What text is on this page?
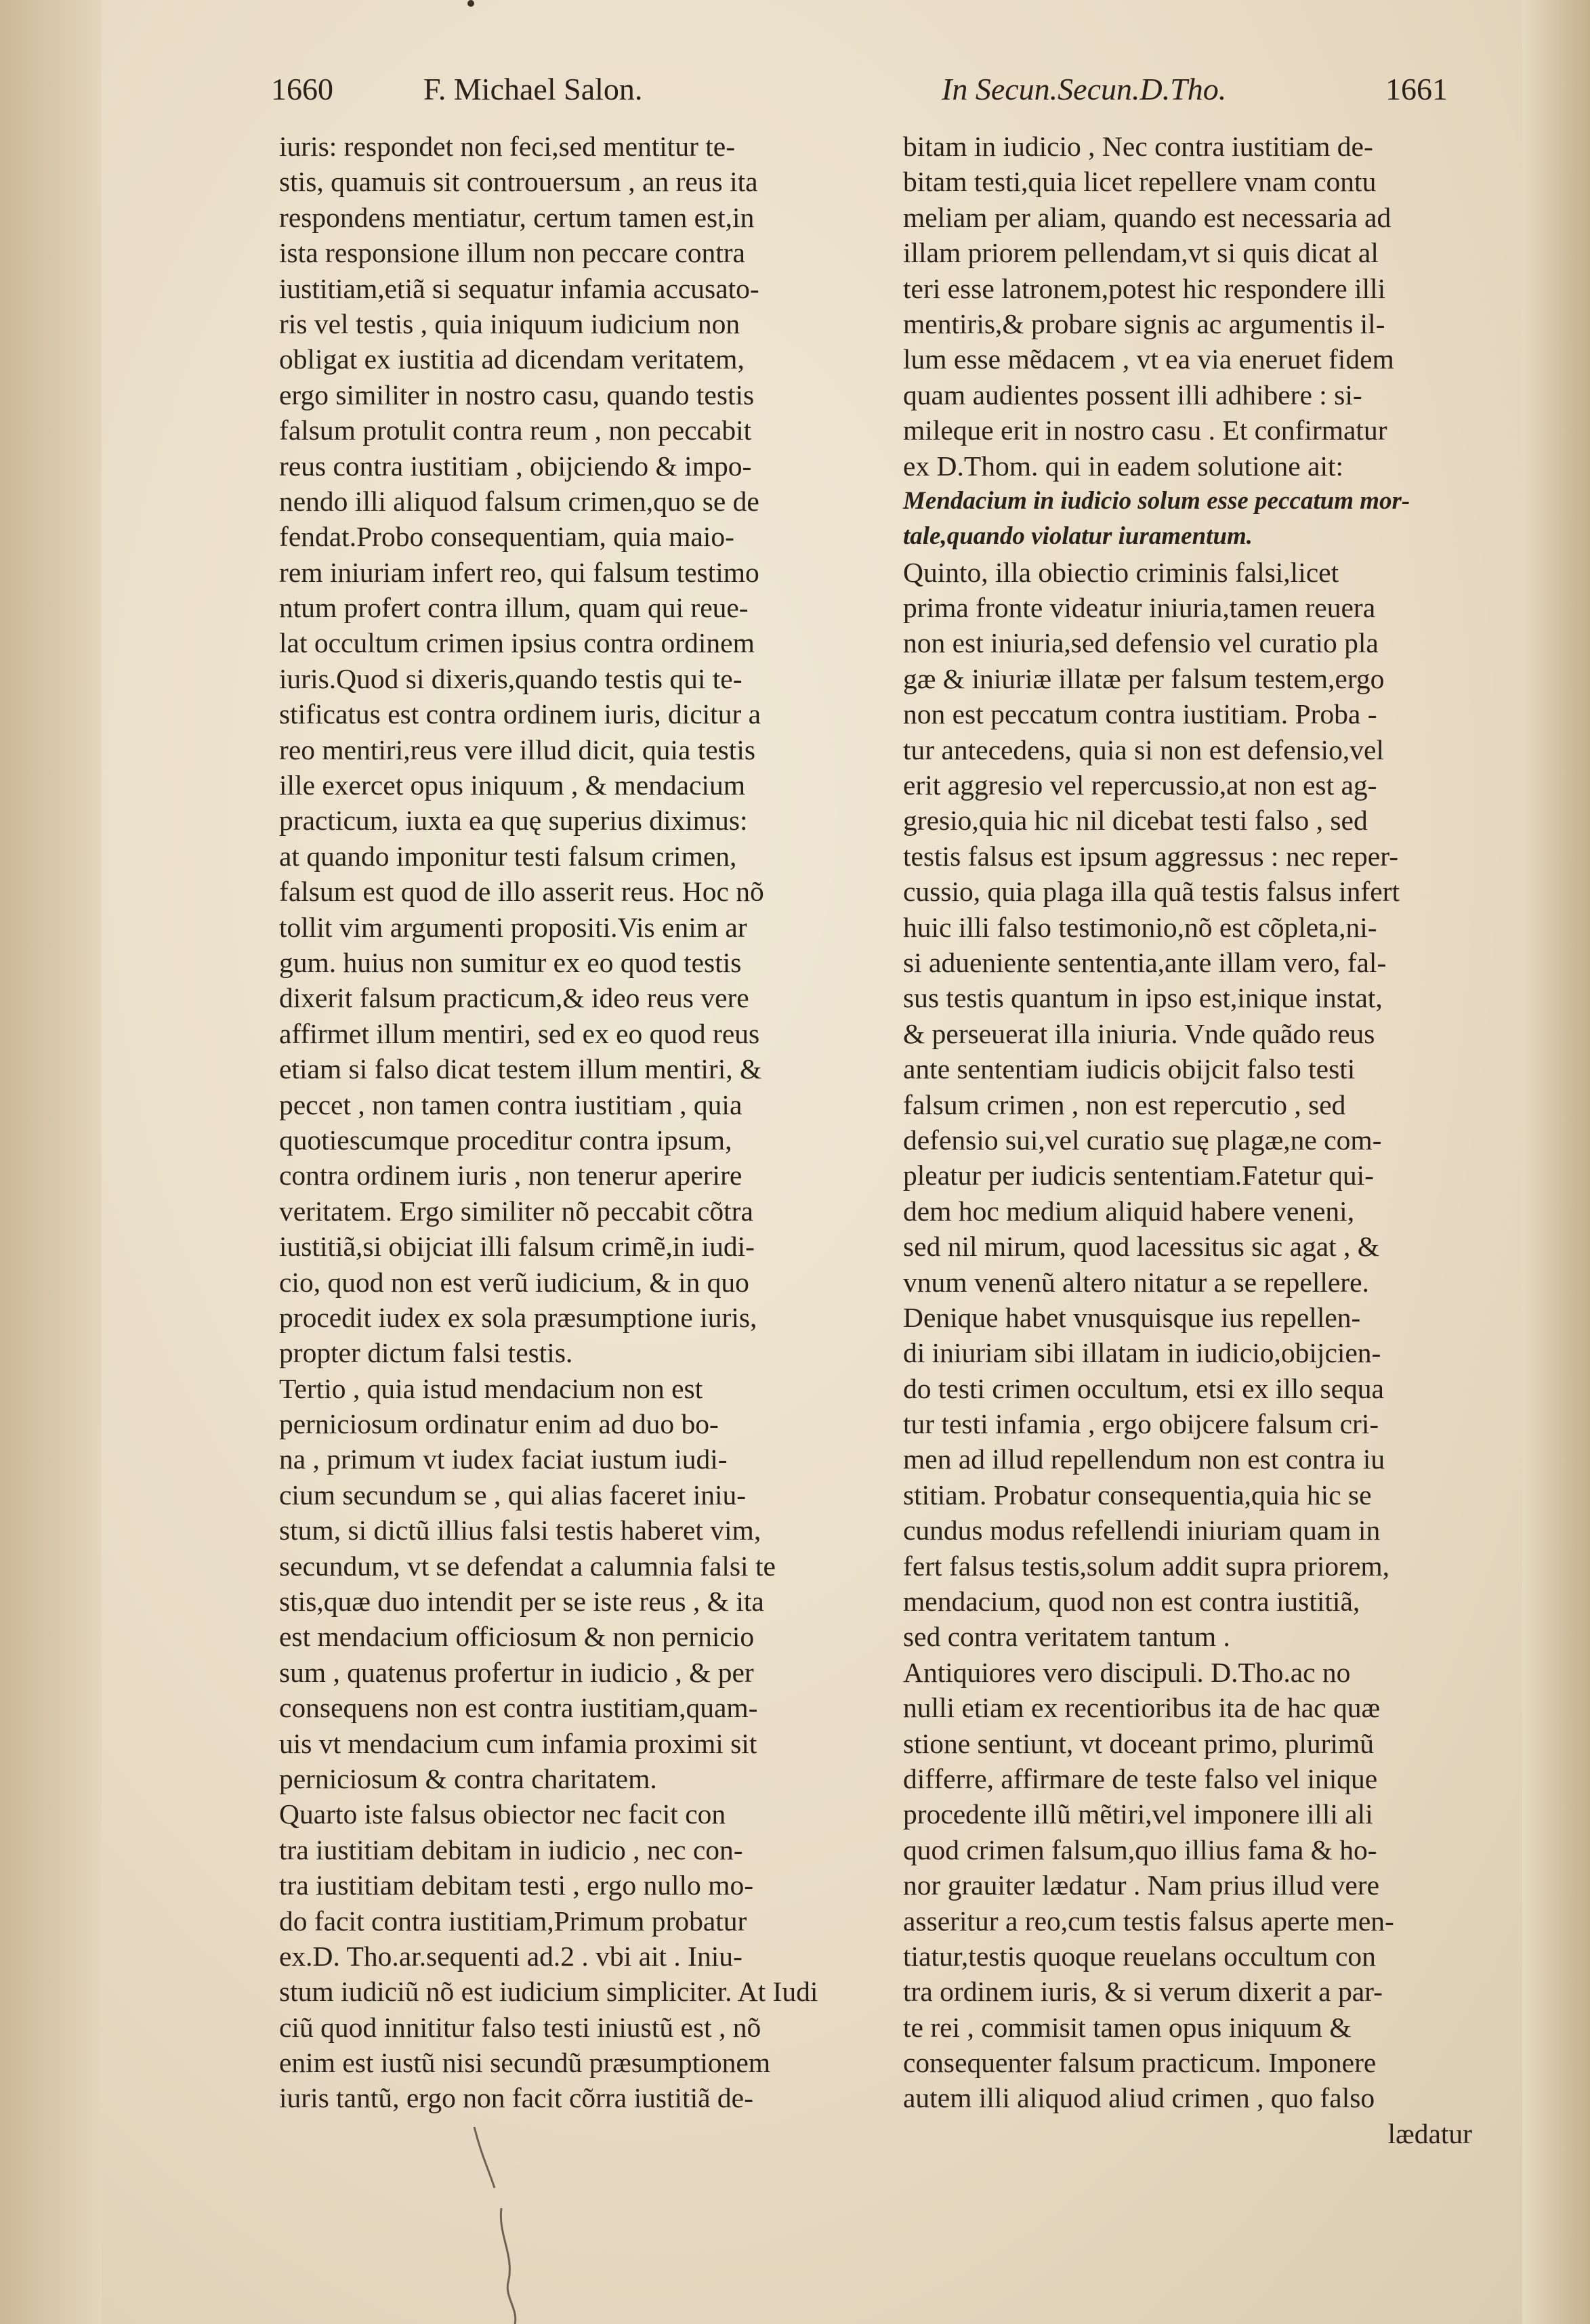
1660	F. Michael Salon.	In Secun.Secun.D.Tho.	1661
iuris: respondet non feci,sed mentitur te-
stis, quamuis sit controuersum , an reus ita
respondens mentiatur, certum tamen est,in
ista responsione illum non peccare contra
iustitiam,etiã si sequatur infamia accusato-
ris vel testis , quia iniquum iudicium non
obligat ex iustitia ad dicendam veritatem,
ergo similiter in nostro casu, quando testis
falsum protulit contra reum , non peccabit
reus contra iustitiam , obijciendo & impo-
nendo illi aliquod falsum crimen,quo se de
fendat.Probo consequentiam, quia maio-
rem iniuriam infert reo, qui falsum testimo
ntum profert contra illum, quam qui reue-
lat occultum crimen ipsius contra ordinem
iuris.Quod si dixeris,quando testis qui te-
stificatus est contra ordinem iuris, dicitur a
reo mentiri,reus vere illud dicit, quia testis
ille exercet opus iniquum , & mendacium
practicum, iuxta ea quę superius diximus:
at quando imponitur testi falsum crimen,
falsum est quod de illo asserit reus. Hoc nõ
tollit vim argumenti propositi.Vis enim ar
gum. huius non sumitur ex eo quod testis
dixerit falsum practicum,& ideo reus vere
affirmet illum mentiri, sed ex eo quod reus
etiam si falso dicat testem illum mentiri, &
peccet , non tamen contra iustitiam , quia
quotiescumque proceditur contra ipsum,
contra ordinem iuris , non tenerur aperire
veritatem. Ergo similiter nõ peccabit cõtra
iustitiã,si obijciat illi falsum crimẽ,in iudi-
cio, quod non est verũ iudicium, & in quo
procedit iudex ex sola præsumptione iuris,
propter dictum falsi testis.
Tertio , quia istud mendacium non est
perniciosum ordinatur enim ad duo bo-
na , primum vt iudex faciat iustum iudi-
cium secundum se , qui alias faceret iniu-
stum, si dictũ illius falsi testis haberet vim,
secundum, vt se defendat a calumnia falsi te
stis,quæ duo intendit per se iste reus , & ita
est mendacium officiosum & non pernicio
sum , quatenus profertur in iudicio , & per
consequens non est contra iustitiam,quam-
uis vt mendacium cum infamia proximi sit
perniciosum & contra charitatem.
Quarto iste falsus obiector nec facit con
tra iustitiam debitam in iudicio , nec con-
tra iustitiam debitam testi , ergo nullo mo-
do facit contra iustitiam,Primum probatur
ex.D. Tho.ar.sequenti ad.2 . vbi ait . Iniu-
stum iudiciũ nõ est iudicium simpliciter. At Iudi
ciũ quod innititur falso testi iniustũ est , nõ
enim est iustũ nisi secundũ præsumptionem
iuris tantũ, ergo non facit cõrra iustitiã de-
bitam in iudicio , Nec contra iustitiam de-
bitam testi,quia licet repellere vnam contu
meliam per aliam, quando est necessaria ad
illam priorem pellendam,vt si quis dicat al
teri esse latronem,potest hic respondere illi
mentiris,& probare signis ac argumentis il-
lum esse mẽdacem , vt ea via eneruet fidem
quam audientes possent illi adhibere : si-
mileque erit in nostro casu . Et confirmatur
ex D.Thom. qui in eadem solutione ait:
Mendacium in iudicio solum esse peccatum mor-
tale,quando violatur iuramentum.
Quinto, illa obiectio criminis falsi,licet
prima fronte videatur iniuria,tamen reuera
non est iniuria,sed defensio vel curatio pla
gæ & iniuriæ illatæ per falsum testem,ergo
non est peccatum contra iustitiam. Proba -
tur antecedens, quia si non est defensio,vel
erit aggresio vel repercussio,at non est ag-
gresio,quia hic nil dicebat testi falso , sed
testis falsus est ipsum aggressus : nec reper-
cussio, quia plaga illa quã testis falsus infert
huic illi falso testimonio,nõ est cõpleta,ni-
si adueniente sententia,ante illam vero, fal-
sus testis quantum in ipso est,inique instat,
& perseuerat illa iniuria. Vnde quãdo reus
ante sententiam iudicis obijcit falso testi
falsum crimen , non est repercutio , sed
defensio sui,vel curatio suę plagæ,ne com-
pleatur per iudicis sententiam.Fatetur qui-
dem hoc medium aliquid habere veneni,
sed nil mirum, quod lacessitus sic agat , &
vnum venenũ altero nitatur a se repellere.
Denique habet vnusquisque ius repellen-
di iniuriam sibi illatam in iudicio,obijcien-
do testi crimen occultum, etsi ex illo sequa
tur testi infamia , ergo obijcere falsum cri-
men ad illud repellendum non est contra iu
stitiam. Probatur consequentia,quia hic se
cundus modus refellendi iniuriam quam in
fert falsus testis,solum addit supra priorem,
mendacium, quod non est contra iustitiã,
sed contra veritatem tantum .
Antiquiores vero discipuli. D.Tho.ac no
nulli etiam ex recentioribus ita de hac quæ
stione sentiunt, vt doceant primo, plurimũ
differre, affirmare de teste falso vel inique
procedente illũ mẽtiri,vel imponere illi ali
quod crimen falsum,quo illius fama & ho-
nor grauiter lædatur . Nam prius illud vere
asseritur a reo,cum testis falsus aperte men-
tiatur,testis quoque reuelans occultum con
tra ordinem iuris, & si verum dixerit a par-
te rei , commisit tamen opus iniquum &
consequenter falsum practicum. Imponere
autem illi aliquod aliud crimen , quo falso
lædatur
